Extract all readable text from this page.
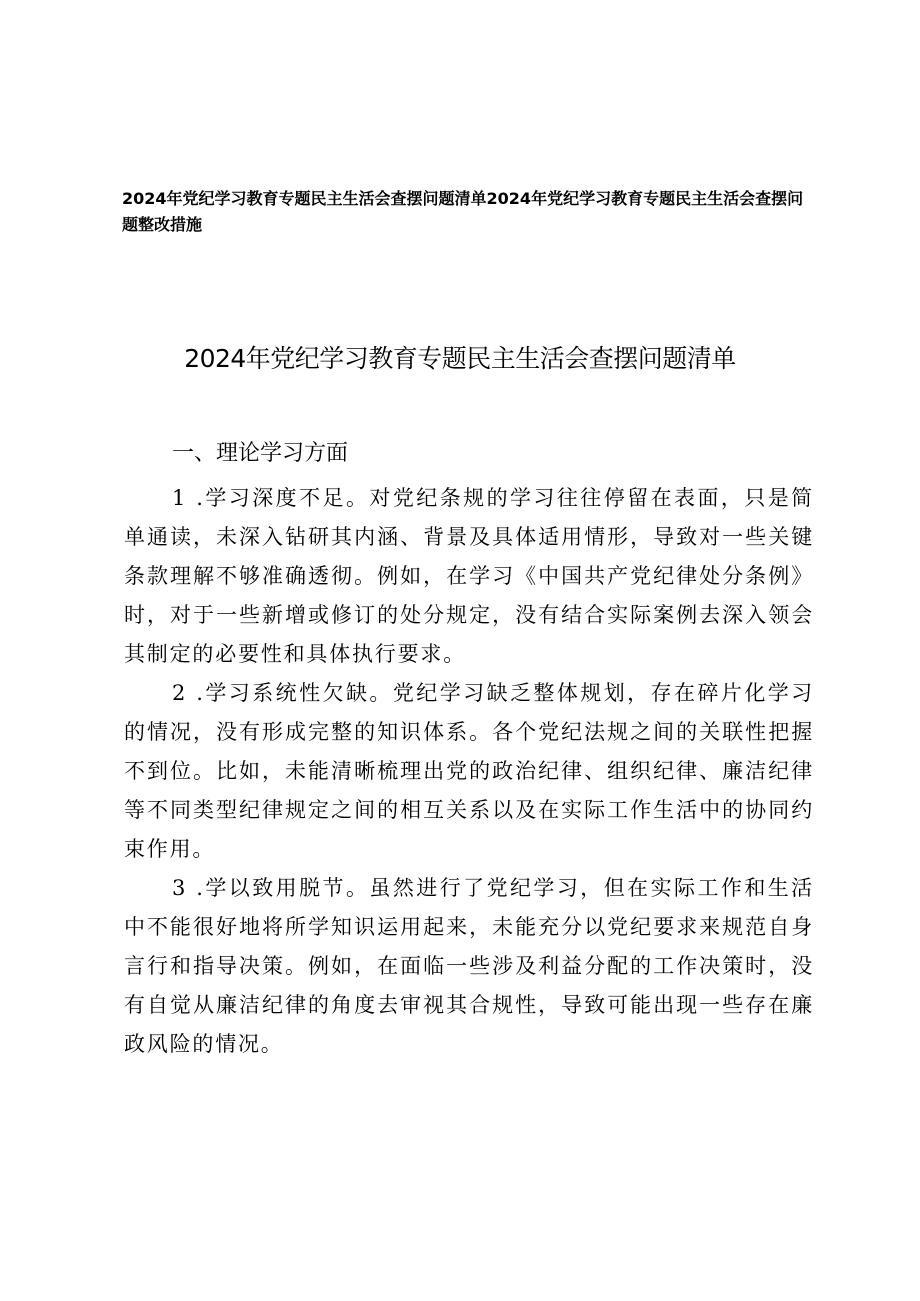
2024年党纪学习教育专题民主生活会查摆问题清单2024年党纪学习教育专题民主生活会查摆问题整改措施
2024年党纪学习教育专题民主生活会查摆问题清单
一、理论学习方面

1 .学习深度不足。对党纪条规的学习往往停留在表面，只是简单通读，未深入钻研其内涵、背景及具体适用情形，导致对一些关键条款理解不够准确透彻。例如，在学习《中国共产党纪律处分条例》时，对于一些新增或修订的处分规定，没有结合实际案例去深入领会其制定的必要性和具体执行要求。

2 .学习系统性欠缺。党纪学习缺乏整体规划，存在碎片化学习的情况，没有形成完整的知识体系。各个党纪法规之间的关联性把握不到位。比如，未能清晰梳理出党的政治纪律、组织纪律、廉洁纪律等不同类型纪律规定之间的相互关系以及在实际工作生活中的协同约束作用。

3 .学以致用脱节。虽然进行了党纪学习，但在实际工作和生活中不能很好地将所学知识运用起来，未能充分以党纪要求来规范自身言行和指导决策。例如，在面临一些涉及利益分配的工作决策时，没有自觉从廉洁纪律的角度去审视其合规性，导致可能出现一些存在廉政风险的情况。
